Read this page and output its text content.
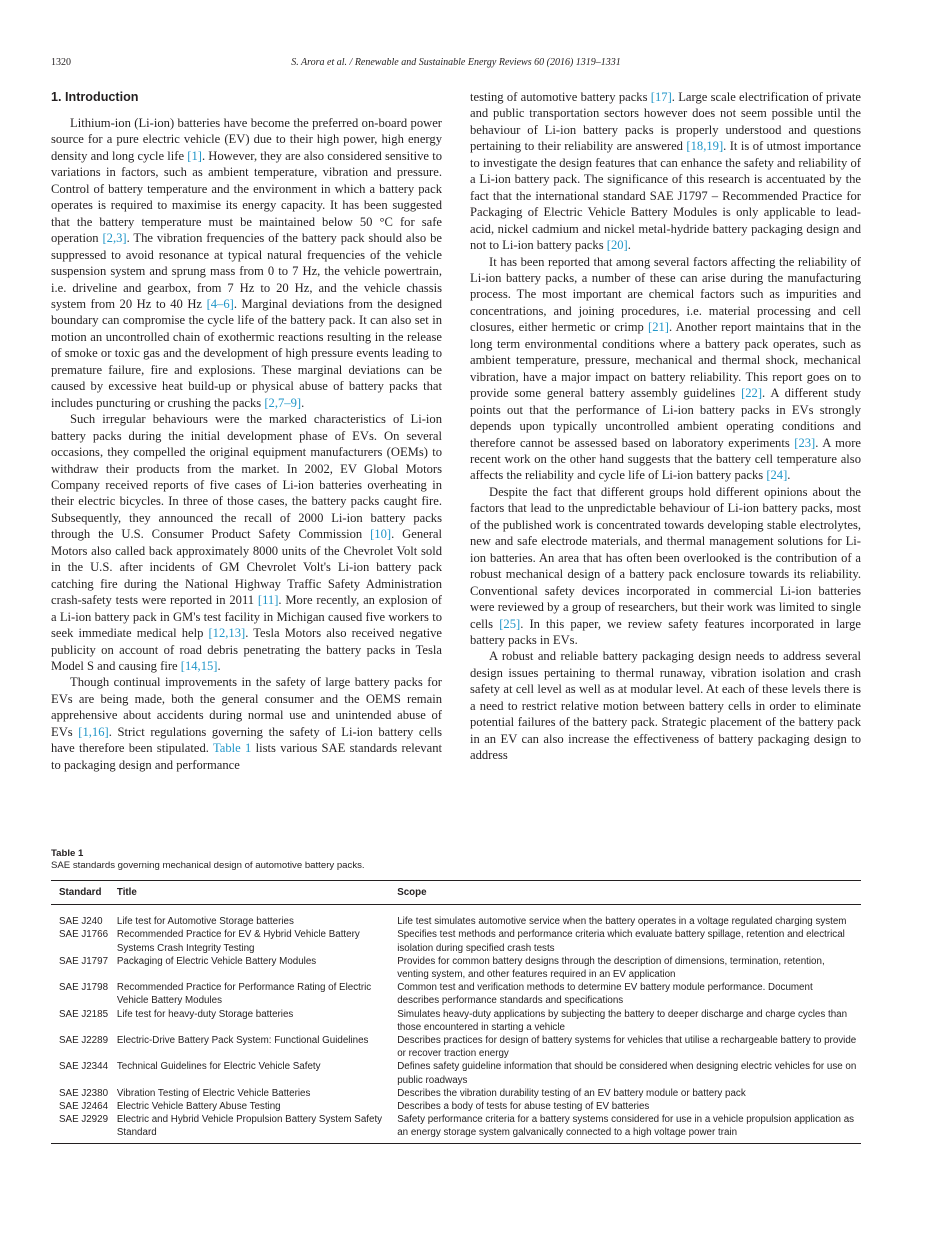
1320	S. Arora et al. / Renewable and Sustainable Energy Reviews 60 (2016) 1319–1331
1. Introduction

Lithium-ion (Li-ion) batteries have become the preferred on-board power source for a pure electric vehicle (EV) due to their high power, high energy density and long cycle life [1]. However, they are also considered sensitive to variations in factors, such as ambient temperature, vibration and pressure. Control of battery temperature and the environment in which a battery pack operates is required to maximise its energy capacity. It has been suggested that the battery temperature must be maintained below 50 °C for safe operation [2,3]. The vibration frequencies of the battery pack should also be suppressed to avoid resonance at typical natural frequencies of the vehicle suspension system and sprung mass from 0 to 7 Hz, the vehicle powertrain, i.e. driveline and gearbox, from 7 Hz to 20 Hz, and the vehicle chassis system from 20 Hz to 40 Hz [4–6]. Marginal deviations from the designed boundary can compromise the cycle life of the battery pack. It can also set in motion an uncontrolled chain of exothermic reactions resulting in the release of smoke or toxic gas and the development of high pressure events leading to premature failure, fire and explosions. These marginal deviations can be caused by excessive heat build-up or physical abuse of battery packs that includes puncturing or crushing the packs [2,7–9].

Such irregular behaviours were the marked characteristics of Li-ion battery packs during the initial development phase of EVs. On several occasions, they compelled the original equipment manufacturers (OEMs) to withdraw their products from the market. In 2002, EV Global Motors Company received reports of five cases of Li-ion batteries overheating in their electric bicycles. In three of those cases, the battery packs caught fire. Subsequently, they announced the recall of 2000 Li-ion battery packs through the U.S. Consumer Product Safety Commission [10]. General Motors also called back approximately 8000 units of the Chevrolet Volt sold in the U.S. after incidents of GM Chevrolet Volt's Li-ion battery pack catching fire during the National Highway Traffic Safety Administration crash-safety tests were reported in 2011 [11]. More recently, an explosion of a Li-ion battery pack in GM's test facility in Michigan caused five workers to seek immediate medical help [12,13]. Tesla Motors also received negative publicity on account of road debris penetrating the battery packs in Tesla Model S and causing fire [14,15].

Though continual improvements in the safety of large battery packs for EVs are being made, both the general consumer and the OEMS remain apprehensive about accidents during normal use and unintended abuse of EVs [1,16]. Strict regulations governing the safety of Li-ion battery cells have therefore been stipulated. Table 1 lists various SAE standards relevant to packaging design and performance

testing of automotive battery packs [17]. Large scale electrification of private and public transportation sectors however does not seem possible until the behaviour of Li-ion battery packs is properly understood and questions pertaining to their reliability are answered [18,19]. It is of utmost importance to investigate the design features that can enhance the safety and reliability of a Li-ion battery pack. The significance of this research is accentuated by the fact that the international standard SAE J1797 – Recommended Practice for Packaging of Electric Vehicle Battery Modules is only applicable to lead-acid, nickel cadmium and nickel metal-hydride battery packaging design and not to Li-ion battery packs [20].

It has been reported that among several factors affecting the reliability of Li-ion battery packs, a number of these can arise during the manufacturing process. The most important are chemical factors such as impurities and concentrations, and joining procedures, i.e. material processing and cell closures, either hermetic or crimp [21]. Another report maintains that in the long term environmental conditions where a battery pack operates, such as ambient temperature, pressure, mechanical and thermal shock, mechanical vibration, have a major impact on battery reliability. This report goes on to provide some general battery assembly guidelines [22]. A different study points out that the performance of Li-ion battery packs in EVs strongly depends upon typically uncontrolled ambient operating conditions and therefore cannot be assessed based on laboratory experiments [23]. A more recent work on the other hand suggests that the battery cell temperature also affects the reliability and cycle life of Li-ion battery packs [24].

Despite the fact that different groups hold different opinions about the factors that lead to the unpredictable behaviour of Li-ion battery packs, most of the published work is concentrated towards developing stable electrolytes, new and safe electrode materials, and thermal management solutions for Li-ion batteries. An area that has often been overlooked is the contribution of a robust mechanical design of a battery pack enclosure towards its reliability. Conventional safety devices incorporated in commercial Li-ion batteries were reviewed by a group of researchers, but their work was limited to single cells [25]. In this paper, we review safety features incorporated in large battery packs in EVs.

A robust and reliable battery packaging design needs to address several design issues pertaining to thermal runaway, vibration isolation and crash safety at cell level as well as at modular level. At each of these levels there is a need to restrict relative motion between battery cells in order to eliminate potential failures of the battery pack. Strategic placement of the battery pack in an EV can also increase the effectiveness of battery packaging design to address

Table 1
SAE standards governing mechanical design of automotive battery packs.
Standard	Title	Scope
SAE J240	Life test for Automotive Storage batteries	Life test simulates automotive service when the battery operates in a voltage regulated charging system
SAE J1766	Recommended Practice for EV & Hybrid Vehicle Battery Systems Crash Integrity Testing	Specifies test methods and performance criteria which evaluate battery spillage, retention and electrical isolation during specified crash tests
SAE J1797	Packaging of Electric Vehicle Battery Modules	Provides for common battery designs through the description of dimensions, termination, retention, venting system, and other features required in an EV application
SAE J1798	Recommended Practice for Performance Rating of Electric Vehicle Battery Modules	Common test and verification methods to determine EV battery module performance. Document describes performance standards and specifications
SAE J2185	Life test for heavy-duty Storage batteries	Simulates heavy-duty applications by subjecting the battery to deeper discharge and charge cycles than those encountered in starting a vehicle
SAE J2289	Electric-Drive Battery Pack System: Functional Guidelines	Describes practices for design of battery systems for vehicles that utilise a rechargeable battery to provide or recover traction energy
SAE J2344	Technical Guidelines for Electric Vehicle Safety	Defines safety guideline information that should be considered when designing electric vehicles for use on public roadways
SAE J2380	Vibration Testing of Electric Vehicle Batteries	Describes the vibration durability testing of an EV battery module or battery pack
SAE J2464	Electric Vehicle Battery Abuse Testing	Describes a body of tests for abuse testing of EV batteries
SAE J2929	Electric and Hybrid Vehicle Propulsion Battery System Safety Standard	Safety performance criteria for a battery systems considered for use in a vehicle propulsion application as an energy storage system galvanically connected to a high voltage power train
